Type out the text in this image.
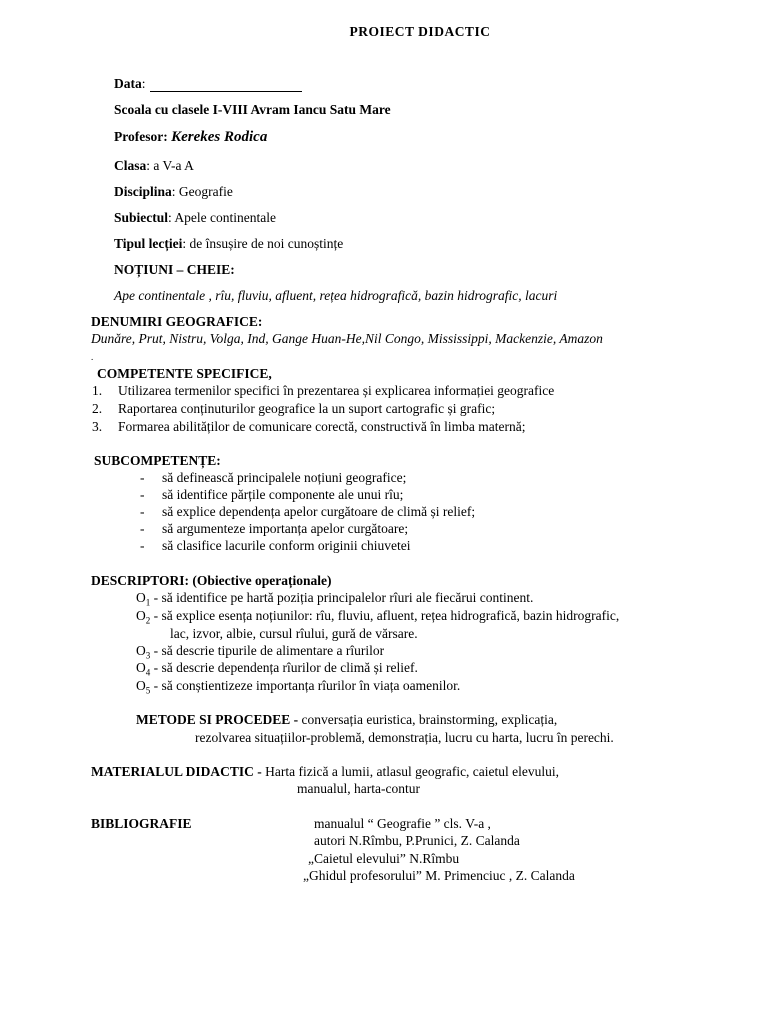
PROIECT DIDACTIC
Data:
Scoala cu clasele I-VIII Avram Iancu Satu Mare
Profesor: Kerekes Rodica
Clasa: a V-a A
Disciplina: Geografie
Subiectul: Apele continentale
Tipul lecției: de însușire de noi cunoștințe
NOȚIUNI – CHEIE:
Ape continentale , rîu, fluviu, afluent, rețea hidrografică, bazin hidrografic, lacuri
DENUMIRI GEOGRAFICE:
Dunăre, Prut, Nistru, Volga, Ind, Gange Huan-He,Nil Congo, Mississippi, Mackenzie, Amazon
.
COMPETENTE SPECIFICE,
1. Utilizarea termenilor specifici în prezentarea și explicarea informației geografice
2. Raportarea conținuturilor geografice la un suport cartografic și grafic;
3. Formarea abilităților de comunicare corectă, constructivă în limba maternă;
SUBCOMPETENȚE:
- să definească principalele noțiuni geografice;
- să identifice părțile componente ale unui rîu;
- să explice dependența apelor curgătoare de climă și relief;
- să argumenteze importanța apelor curgătoare;
- să clasifice lacurile conform originii chiuvetei
DESCRIPTORI: (Obiective operaționale)
$O_1$ - să identifice pe hartă poziția principalelor rîuri ale fiecărui continent.
$O_2$ - să explice esența noțiunilor: rîu, fluviu, afluent, rețea hidrografică, bazin hidrografic,
lac, izvor, albie, cursul rîului, gură de vărsare.
$O_3$ - să descrie tipurile de alimentare a rîurilor
$O_4$ - să descrie dependența rîurilor de climă și relief.
$O_5$ - să conștientizeze importanța rîurilor în viața oamenilor.
METODE SI PROCEDEE - conversația euristica, brainstorming, explicația,
rezolvarea situațiilor-problemă, demonstrația, lucru cu harta, lucru în perechi.
MATERIALUL DIDACTIC - Harta fizică a lumii, atlasul geografic, caietul elevului,
manualul, harta-contur
BIBLIOGRAFIE	manualul “ Geografie ” cls. V-a ,
autori N.Rîmbu, P.Prunici, Z. Calanda
„Caietul elevului” N.Rîmbu
„Ghidul profesorului” M. Primenciuc , Z. Calanda
